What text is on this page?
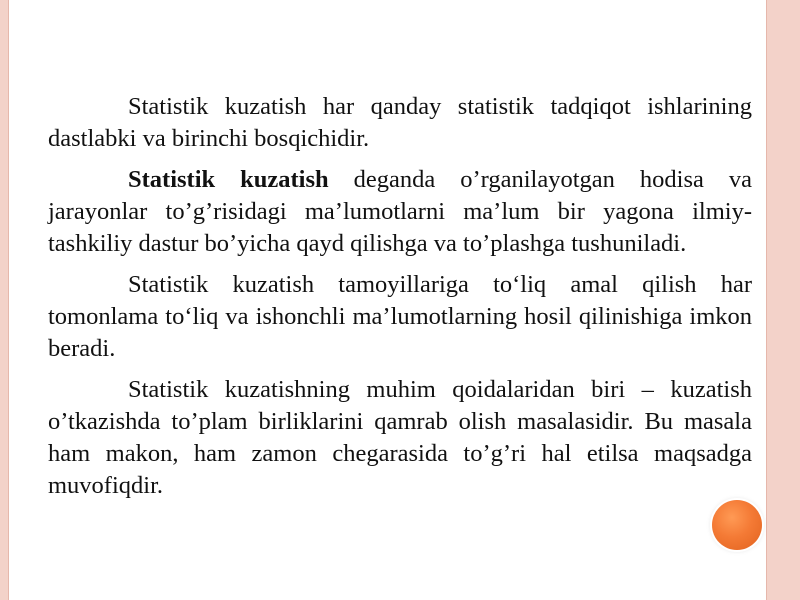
Statistik kuzatish har qanday statistik tadqiqot ishlarining dastlabki va birinchi bosqichidir.

Statistik kuzatish deganda o’rganilayotgan hodisa va jarayonlar to’g’risidagi ma’lumotlarni ma’lum bir yagona ilmiy-tashkiliy dastur bo’yicha qayd qilishga va to’plashga tushuniladi.

Statistik kuzatish tamoyillariga to‘liq amal qilish har tomonlama to‘liq va ishonchli ma’lumotlarning hosil qilinishiga imkon beradi.

Statistik kuzatishning muhim qoidalaridan biri – kuzatish o’tkazishda to’plam birliklarini qamrab olish masalasidir. Bu masala ham makon, ham zamon chegarasida to’g’ri hal etilsa maqsadga muvofiqdir.
